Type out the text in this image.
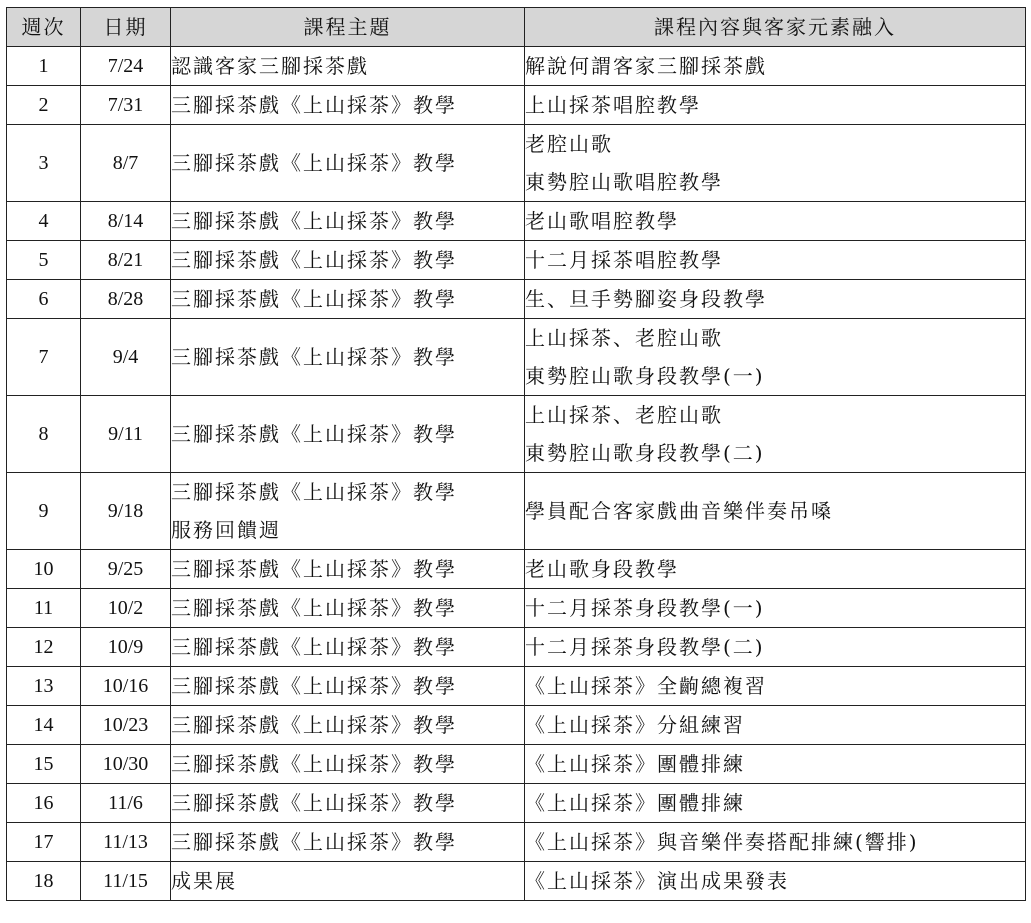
週次	日期	課程主題	課程內容與客家元素融入
1	7/24	認識客家三腳採茶戲	解說何謂客家三腳採茶戲

2	7/31	三腳採茶戲《上山採茶》教學	上山採茶唱腔教學

3	8/7	三腳採茶戲《上山採茶》教學	老腔山歌
東勢腔山歌唱腔教學

4	8/14	三腳採茶戲《上山採茶》教學	老山歌唱腔教學

5	8/21	三腳採茶戲《上山採茶》教學	十二月採茶唱腔教學

6	8/28	三腳採茶戲《上山採茶》教學	生、旦手勢腳姿身段教學

7	9/4	三腳採茶戲《上山採茶》教學	上山採茶、老腔山歌
東勢腔山歌身段教學(一)

8	9/11	三腳採茶戲《上山採茶》教學	上山採茶、老腔山歌
東勢腔山歌身段教學(二)

9	9/18	三腳採茶戲《上山採茶》教學
服務回饋週	學員配合客家戲曲音樂伴奏吊嗓

10	9/25	三腳採茶戲《上山採茶》教學	老山歌身段教學

11	10/2	三腳採茶戲《上山採茶》教學	十二月採茶身段教學(一)

12	10/9	三腳採茶戲《上山採茶》教學	十二月採茶身段教學(二)

13	10/16	三腳採茶戲《上山採茶》教學	《上山採茶》全齣總複習

14	10/23	三腳採茶戲《上山採茶》教學	《上山採茶》分組練習

15	10/30	三腳採茶戲《上山採茶》教學	《上山採茶》團體排練

16	11/6	三腳採茶戲《上山採茶》教學	《上山採茶》團體排練

17	11/13	三腳採茶戲《上山採茶》教學	《上山採茶》與音樂伴奏搭配排練(響排)

18	11/15	成果展	《上山採茶》演出成果發表
